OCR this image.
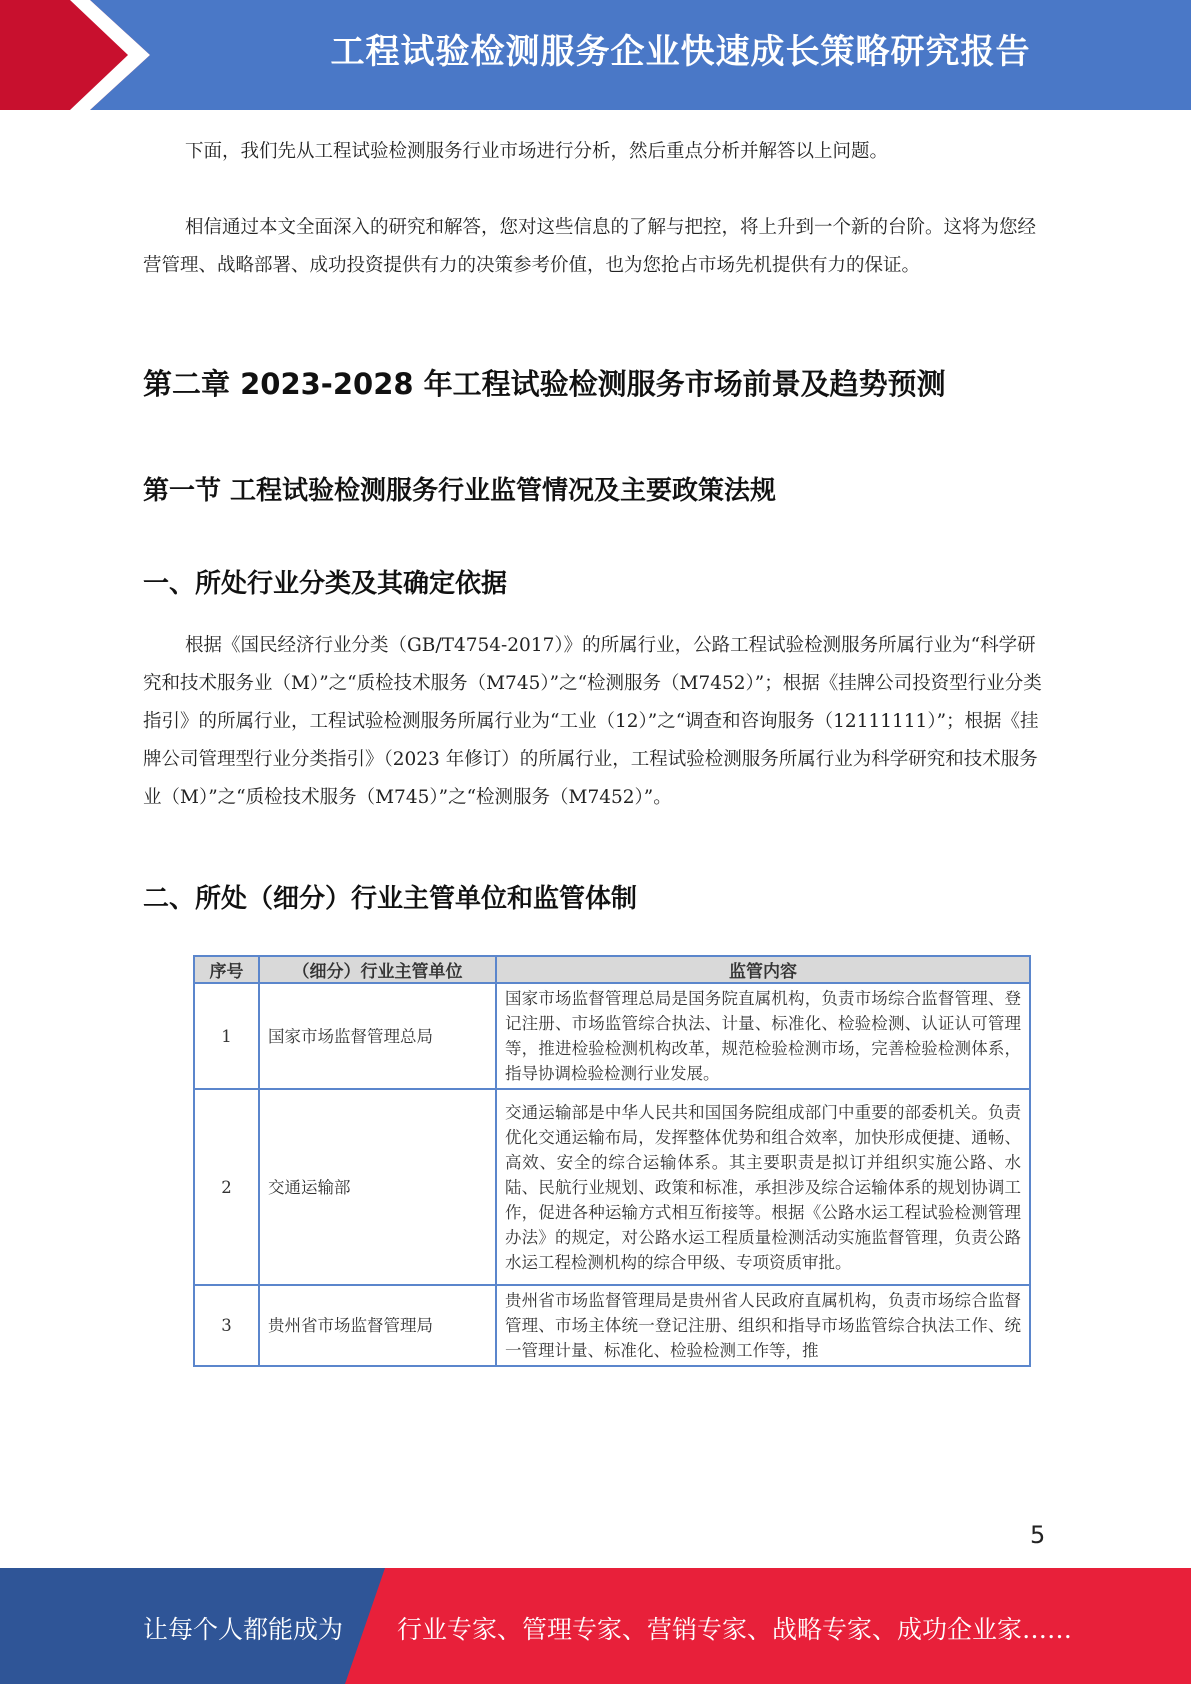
工程试验检测服务企业快速成长策略研究报告

下面，我们先从工程试验检测服务行业市场进行分析，然后重点分析并解答以上问题。

相信通过本文全面深入的研究和解答，您对这些信息的了解与把控，将上升到一个新的台阶。这将为您经营管理、战略部署、成功投资提供有力的决策参考价值，也为您抢占市场先机提供有力的保证。

第二章 2023-2028 年工程试验检测服务市场前景及趋势预测
第一节 工程试验检测服务行业监管情况及主要政策法规
一、所处行业分类及其确定依据

根据《国民经济行业分类（GB/T4754-2017）》的所属行业，公路工程试验检测服务所属行业为“科学研究和技术服务业（M）”之“质检技术服务（M745）”之“检测服务（M7452）”；根据《挂牌公司投资型行业分类指引》的所属行业，工程试验检测服务所属行业为“工业（12）”之“调查和咨询服务（12111111）”；根据《挂牌公司管理型行业分类指引》（2023 年修订）的所属行业，工程试验检测服务所属行业为科学研究和技术服务业（M）”之“质检技术服务（M745）”之“检测服务（M7452）”。

二、所处（细分）行业主管单位和监管体制
序号	（细分）行业主管单位	监管内容
1	国家市场监督管理总局	国家市场监督管理总局是国务院直属机构，负责市场综合监督管理、登记注册、市场监管综合执法、计量、标准化、检验检测、认证认可管理等，推进检验检测机构改革，规范检验检测市场，完善检验检测体系，指导协调检验检测行业发展。
2	交通运输部	交通运输部是中华人民共和国国务院组成部门中重要的部委机关。负责优化交通运输布局，发挥整体优势和组合效率，加快形成便捷、通畅、高效、安全的综合运输体系。其主要职责是拟订并组织实施公路、水陆、民航行业规划、政策和标准，承担涉及综合运输体系的规划协调工作，促进各种运输方式相互衔接等。根据《公路水运工程试验检测管理办法》的规定，对公路水运工程质量检测活动实施监督管理，负责公路水运工程检测机构的综合甲级、专项资质审批。
3	贵州省市场监督管理局	贵州省市场监督管理局是贵州省人民政府直属机构，负责市场综合监督管理、市场主体统一登记注册、组织和指导市场监管综合执法工作、统一管理计量、标准化、检验检测工作等，推
5
让每个人都能成为 行业专家、管理专家、营销专家、战略专家、成功企业家……
